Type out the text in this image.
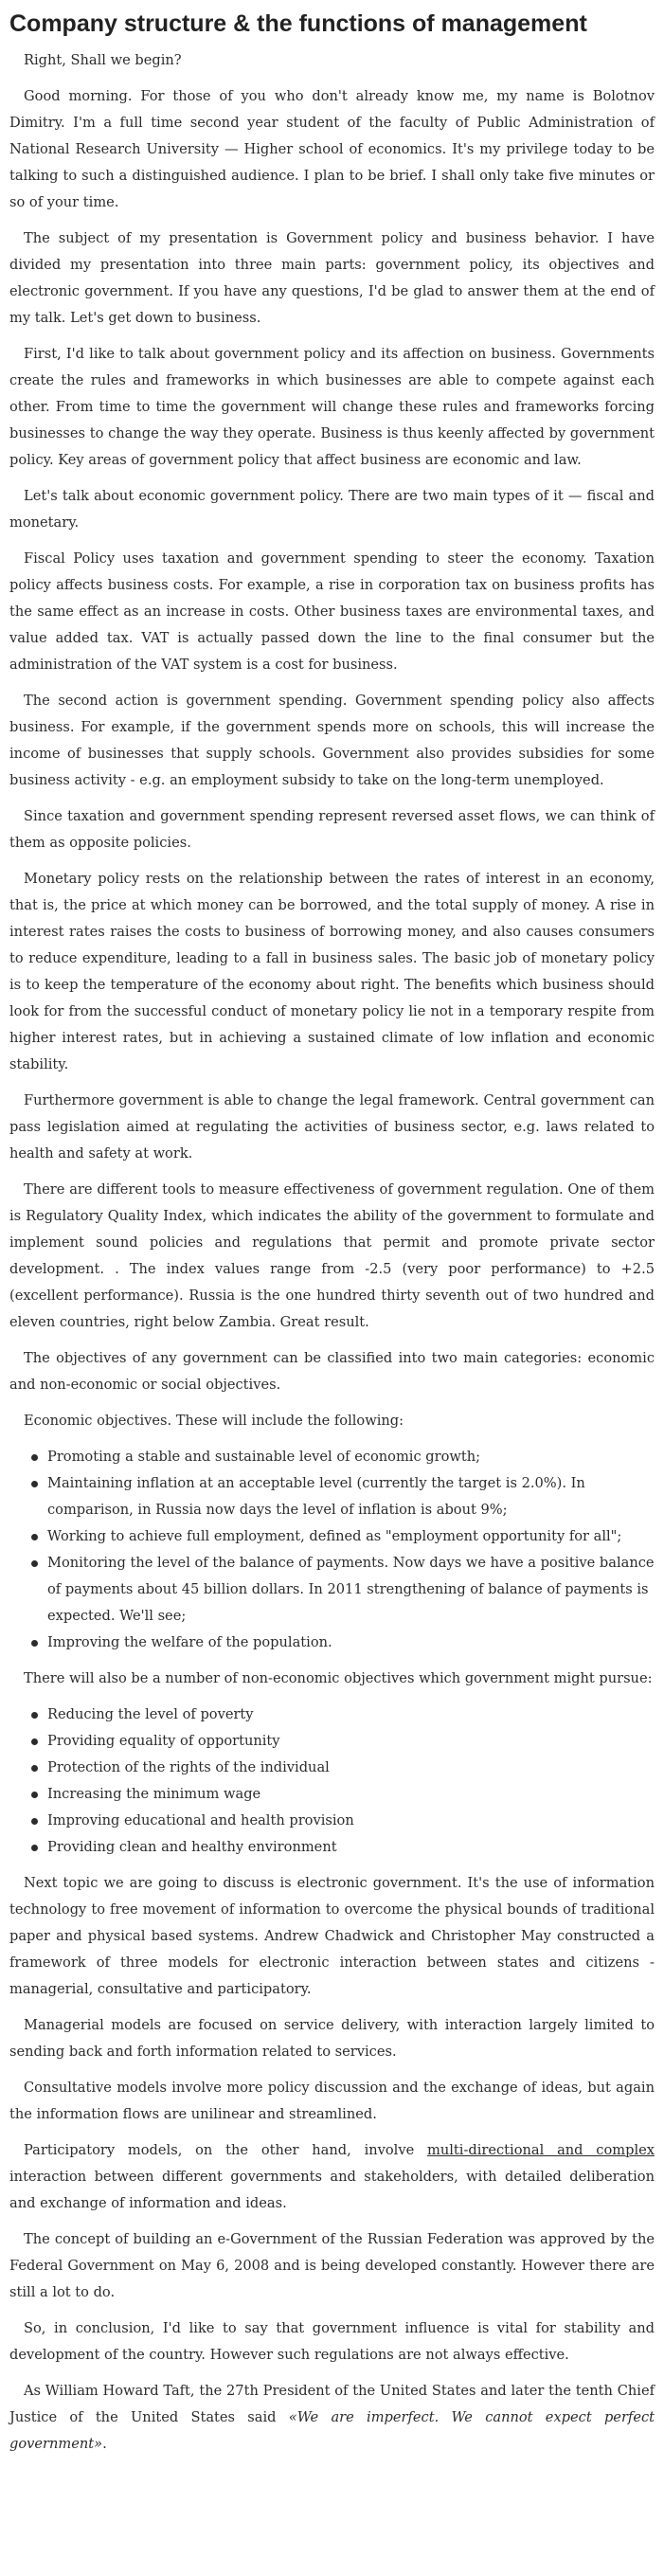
Company structure & the functions of management

Right, Shall we begin?

Good morning. For those of you who don't already know me, my name is Bolotnov Dimitry. I'm a full time second year student of the faculty of Public Administration of National Research University — Higher school of economics. It's my privilege today to be talking to such a distinguished audience. I plan to be brief. I shall only take five minutes or so of your time.

The subject of my presentation is Government policy and business behavior. I have divided my presentation into three main parts: government policy, its objectives and electronic government. If you have any questions, I'd be glad to answer them at the end of my talk. Let's get down to business.

First, I'd like to talk about government policy and its affection on business. Governments create the rules and frameworks in which businesses are able to compete against each other. From time to time the government will change these rules and frameworks forcing businesses to change the way they operate. Business is thus keenly affected by government policy. Key areas of government policy that affect business are economic and law.

Let's talk about economic government policy. There are two main types of it — fiscal and monetary.

Fiscal Policy uses taxation and government spending to steer the economy. Taxation policy affects business costs. For example, a rise in corporation tax on business profits has the same effect as an increase in costs. Other business taxes are environmental taxes, and value added tax. VAT is actually passed down the line to the final consumer but the administration of the VAT system is a cost for business.

The second action is government spending. Government spending policy also affects business. For example, if the government spends more on schools, this will increase the income of businesses that supply schools. Government also provides subsidies for some business activity - e.g. an employment subsidy to take on the long-term unemployed.

Since taxation and government spending represent reversed asset flows, we can think of them as opposite policies.

Monetary policy rests on the relationship between the rates of interest in an economy, that is, the price at which money can be borrowed, and the total supply of money. A rise in interest rates raises the costs to business of borrowing money, and also causes consumers to reduce expenditure, leading to a fall in business sales. The basic job of monetary policy is to keep the temperature of the economy about right. The benefits which business should look for from the successful conduct of monetary policy lie not in a temporary respite from higher interest rates, but in achieving a sustained climate of low inflation and economic stability.

Furthermore government is able to change the legal framework. Central government can pass legislation aimed at regulating the activities of business sector, e.g. laws related to health and safety at work.

There are different tools to measure effectiveness of government regulation. One of them is Regulatory Quality Index, which indicates the ability of the government to formulate and implement sound policies and regulations that permit and promote private sector development. . The index values range from -2.5 (very poor performance) to +2.5 (excellent performance). Russia is the one hundred thirty seventh out of two hundred and eleven countries, right below Zambia. Great result.

The objectives of any government can be classified into two main categories: economic and non-economic or social objectives.

Economic objectives. These will include the following:

Promoting a stable and sustainable level of economic growth;
Maintaining inflation at an acceptable level (currently the target is 2.0%). In comparison, in Russia now days the level of inflation is about 9%;
Working to achieve full employment, defined as "employment opportunity for all";
Monitoring the level of the balance of payments. Now days we have a positive balance of payments about 45 billion dollars. In 2011 strengthening of balance of payments is expected. We'll see;
Improving the welfare of the population.

There will also be a number of non-economic objectives which government might pursue:

Reducing the level of poverty
Providing equality of opportunity
Protection of the rights of the individual
Increasing the minimum wage
Improving educational and health provision
Providing clean and healthy environment

Next topic we are going to discuss is electronic government. It's the use of information technology to free movement of information to overcome the physical bounds of traditional paper and physical based systems. Andrew Chadwick and Christopher May constructed a framework of three models for electronic interaction between states and citizens - managerial, consultative and participatory.

Managerial models are focused on service delivery, with interaction largely limited to sending back and forth information related to services.

Consultative models involve more policy discussion and the exchange of ideas, but again the information flows are unilinear and streamlined.

Participatory models, on the other hand, involve multi-directional and complex interaction between different governments and stakeholders, with detailed deliberation and exchange of information and ideas.

The concept of building an e-Government of the Russian Federation was approved by the Federal Government on May 6, 2008 and is being developed constantly. However there are still a lot to do.

So, in conclusion, I'd like to say that government influence is vital for stability and development of the country. However such regulations are not always effective.

As William Howard Taft, the 27th President of the United States and later the tenth Chief Justice of the United States said «We are imperfect. We cannot expect perfect government».
